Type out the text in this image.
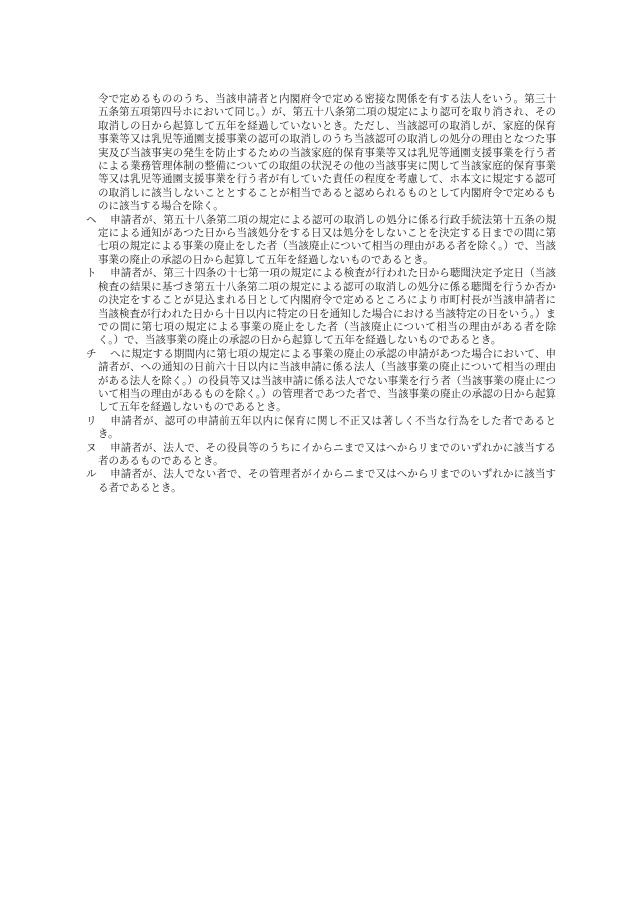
令で定めるもののうち、当該申請者と内閣府令で定める密接な関係を有する法人をいう。第三十五条第五項第四号ホにおいて同じ。）が、第五十八条第二項の規定により認可を取り消され、その取消しの日から起算して五年を経過していないとき。ただし、当該認可の取消しが、家庭的保育事業等又は乳児等通園支援事業の認可の取消しのうち当該認可の取消しの処分の理由となつた事実及び当該事実の発生を防止するための当該家庭的保育事業等又は乳児等通園支援事業を行う者による業務管理体制の整備についての取組の状況その他の当該事実に関して当該家庭的保育事業等又は乳児等通園支援事業を行う者が有していた責任の程度を考慮して、ホ本文に規定する認可の取消しに該当しないこととすることが相当であると認められるものとして内閣府令で定めるものに該当する場合を除く。

ヘ 申請者が、第五十八条第二項の規定による認可の取消しの処分に係る行政手続法第十五条の規定による通知があつた日から当該処分をする日又は処分をしないことを決定する日までの間に第七項の規定による事業の廃止をした者（当該廃止について相当の理由がある者を除く。）で、当該事業の廃止の承認の日から起算して五年を経過しないものであるとき。

ト 申請者が、第三十四条の十七第一項の規定による検査が行われた日から聴聞決定予定日（当該検査の結果に基づき第五十八条第二項の規定による認可の取消しの処分に係る聴聞を行うか否かの決定をすることが見込まれる日として内閣府令で定めるところにより市町村長が当該申請者に当該検査が行われた日から十日以内に特定の日を通知した場合における当該特定の日をいう。）までの間に第七項の規定による事業の廃止をした者（当該廃止について相当の理由がある者を除く。）で、当該事業の廃止の承認の日から起算して五年を経過しないものであるとき。

チ へに規定する期間内に第七項の規定による事業の廃止の承認の申請があつた場合において、申請者が、への通知の日前六十日以内に当該申請に係る法人（当該事業の廃止について相当の理由がある法人を除く。）の役員等又は当該申請に係る法人でない事業を行う者（当該事業の廃止について相当の理由があるものを除く。）の管理者であつた者で、当該事業の廃止の承認の日から起算して五年を経過しないものであるとき。

リ 申請者が、認可の申請前五年以内に保育に関し不正又は著しく不当な行為をした者であるとき。

ヌ 申請者が、法人で、その役員等のうちにイからニまで又はへからリまでのいずれかに該当する者のあるものであるとき。

ル 申請者が、法人でない者で、その管理者がイからニまで又はへからリまでのいずれかに該当する者であるとき。
